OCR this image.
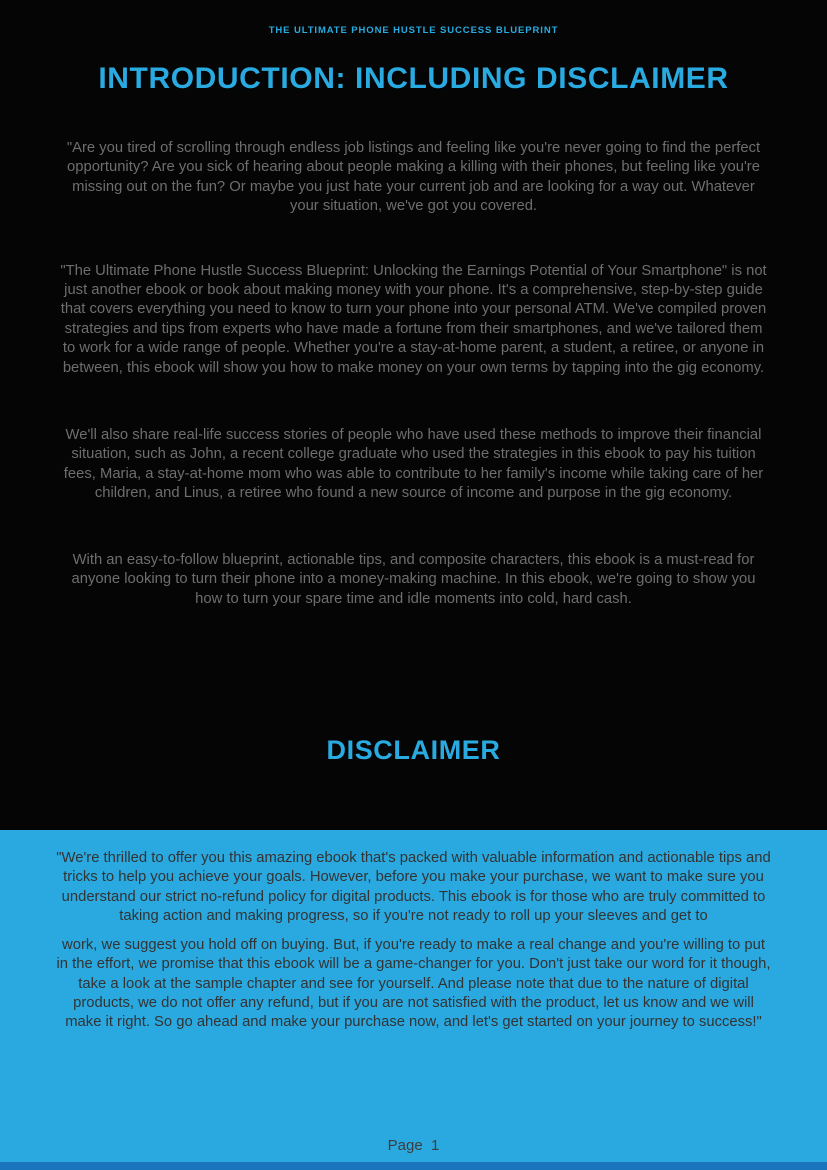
THE ULTIMATE PHONE HUSTLE SUCCESS BLUEPRINT
INTRODUCTION: INCLUDING DISCLAIMER

"Are you tired of scrolling through endless job listings and feeling like you're never going to find the perfect opportunity? Are you sick of hearing about people making a killing with their phones, but feeling like you're missing out on the fun? Or maybe you just hate your current job and are looking for a way out. Whatever your situation, we've got you covered.

"The Ultimate Phone Hustle Success Blueprint: Unlocking the Earnings Potential of Your Smartphone" is not just another ebook or book about making money with your phone. It's a comprehensive, step-by-step guide that covers everything you need to know to turn your phone into your personal ATM. We've compiled proven strategies and tips from experts who have made a fortune from their smartphones, and we've tailored them to work for a wide range of people. Whether you're a stay-at-home parent, a student, a retiree, or anyone in between, this ebook will show you how to make money on your own terms by tapping into the gig economy.

We'll also share real-life success stories of people who have used these methods to improve their financial situation, such as John, a recent college graduate who used the strategies in this ebook to pay his tuition fees, Maria, a stay-at-home mom who was able to contribute to her family's income while taking care of her children, and Linus, a retiree who found a new source of income and purpose in the gig economy.

With an easy-to-follow blueprint, actionable tips, and composite characters, this ebook is a must-read for anyone looking to turn their phone into a money-making machine. In this ebook, we're going to show you how to turn your spare time and idle moments into cold, hard cash.

DISCLAIMER

"We're thrilled to offer you this amazing ebook that's packed with valuable information and actionable tips and tricks to help you achieve your goals. However, before you make your purchase, we want to make sure you understand our strict no-refund policy for digital products. This ebook is for those who are truly committed to taking action and making progress, so if you're not ready to roll up your sleeves and get to

work, we suggest you hold off on buying. But, if you're ready to make a real change and you're willing to put in the effort, we promise that this ebook will be a game-changer for you. Don't just take our word for it though, take a look at the sample chapter and see for yourself. And please note that due to the nature of digital products, we do not offer any refund, but if you are not satisfied with the product, let us know and we will make it right. So go ahead and make your purchase now, and let's get started on your journey to success!"

Page  1
